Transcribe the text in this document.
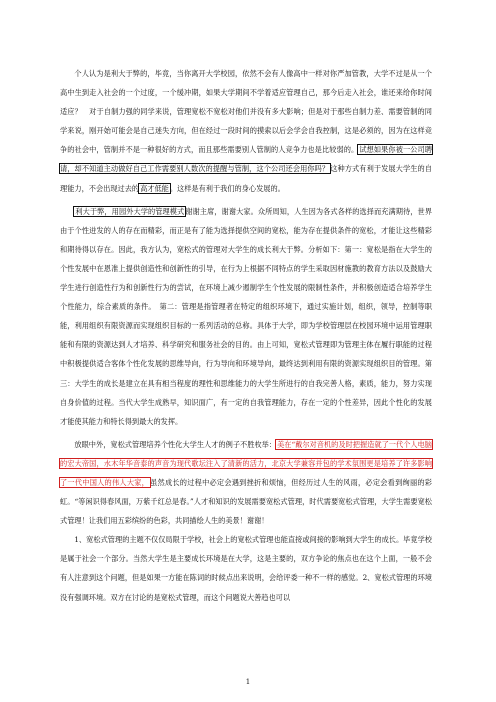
个人认为是利大于弊的，毕竟，当你离开大学校园，依然不会有人像高中一样对你严加管教，大学不过是从一个高中生到走入社会的一个过度，一个缓冲期，如果大学期间不学着适应管理自己，那今后走入社会，谁还来给你时间适应？　对于自制力强的同学来说，管理宽松不宽松对他们并没有多大影响；但是对于那些自制力差、需要管制的同学来说，刚开始可能会是自己迷失方向，但在经过一段时间的摸索以后会学会自我控制，这是必须的，因为在这样竞争的社会中，管制并不是一种很好的方式，而且那些需要别人管制的人竞争力也是比较弱的。试想如果你被一公司聘请，却不知道主动做好自己工作需要别人数次的提醒与管制，这个公司还会用你吗？这种方式有利于发展大学生的自理能力，不会出现过去的高才低能。这样是有利于我们的身心发展的。

利大于弊，用园外大学的管理模式谢谢主席，谢谢大家。众所周知，人生因为各式各样的选择而充满期待，世界由于个性迸发的人的存在而精彩，而正是有了能为选择提供空间的宽松，能为存在提供条件的宽松，才能让这些精彩和期待得以存在。因此，我方认为，宽松式的管理对大学生的成长利大于弊。分析如下：第一：宽松是指在大学生的个性发展中在恩准上提供创造性和创新性的引导，在行为上根据不同特点的学生采取因材施教的教育方法以及鼓励大学生进行创造性行为和创新性行为的尝试，在环境上减少遏制学生个性发展的限制性条件，并积极创造适合培养学生个性能力，综合素质的条件。　第二：管理是指管理者在特定的组织环境下，通过实施计划，组织，领导，控制等职能，利用组织有限资源而实现组织目标的一系列活动的总称。具体于大学，即为学校管理层在校园环境中运用管理职能和有限的资源达到人才培养、科学研究和服务社会的目的。由上可知，宽松式管理即为管理主体在履行职能的过程中积极提供适合客体个性化发展的思维导向，行为导向和环境导向，最终达到利用有限的资源实现组织目的管理。第三：大学生的成长是建立在具有相当程度的理性和思维能力的大学生所进行的自我完善人格，素质，能力，努力实现自身价值的过程。当代大学生成熟早，知识面广，有一定的自我管理能力，存在一定的个性差异，因此个性化的发展才能使其能力和特长得到最大的发挥。

放眼中外，宽松式管理培养个性化大学生人才的例子不胜枚举：美在“戴尔对音机的及时把握造就了一代个人电脑的宏大帝国，水木年华音泰的声音为现代歌坛注入了清新的活力，北京大学兼容并包的学术氛围更是培养了许多影响了一代中国人的伟人大家，虽然成长的过程中必定会遇到挫折和烦恼，但经历过人生的风雨，必定会看到绚丽的彩虹。“等闲识得春风面，万紫千红总是春。”人才和知识的发展需要宽松式管理，时代需要宽松式管理，大学生需要宽松式管理！让我们用五彩缤纷的色彩，共同描绘人生的美景！谢谢！

1、宽松式管理的主题不仅仅局限于学校，社会上的宽松式管理也能直接或间接的影响到大学生的成长。毕竟学校是属于社会一个部分。当然大学生是主要成长环境是在大学，这是主要的，双方争论的焦点也在这个上面，一般不会有人注意到这个问题，但是如果一方能在陈词的时候点出来说明，会给评委一种不一样的感觉。2、宽松式管理的环境没有强调环境。双方在讨论的是宽松式管理，而这个问题说大善趋也可以

1
